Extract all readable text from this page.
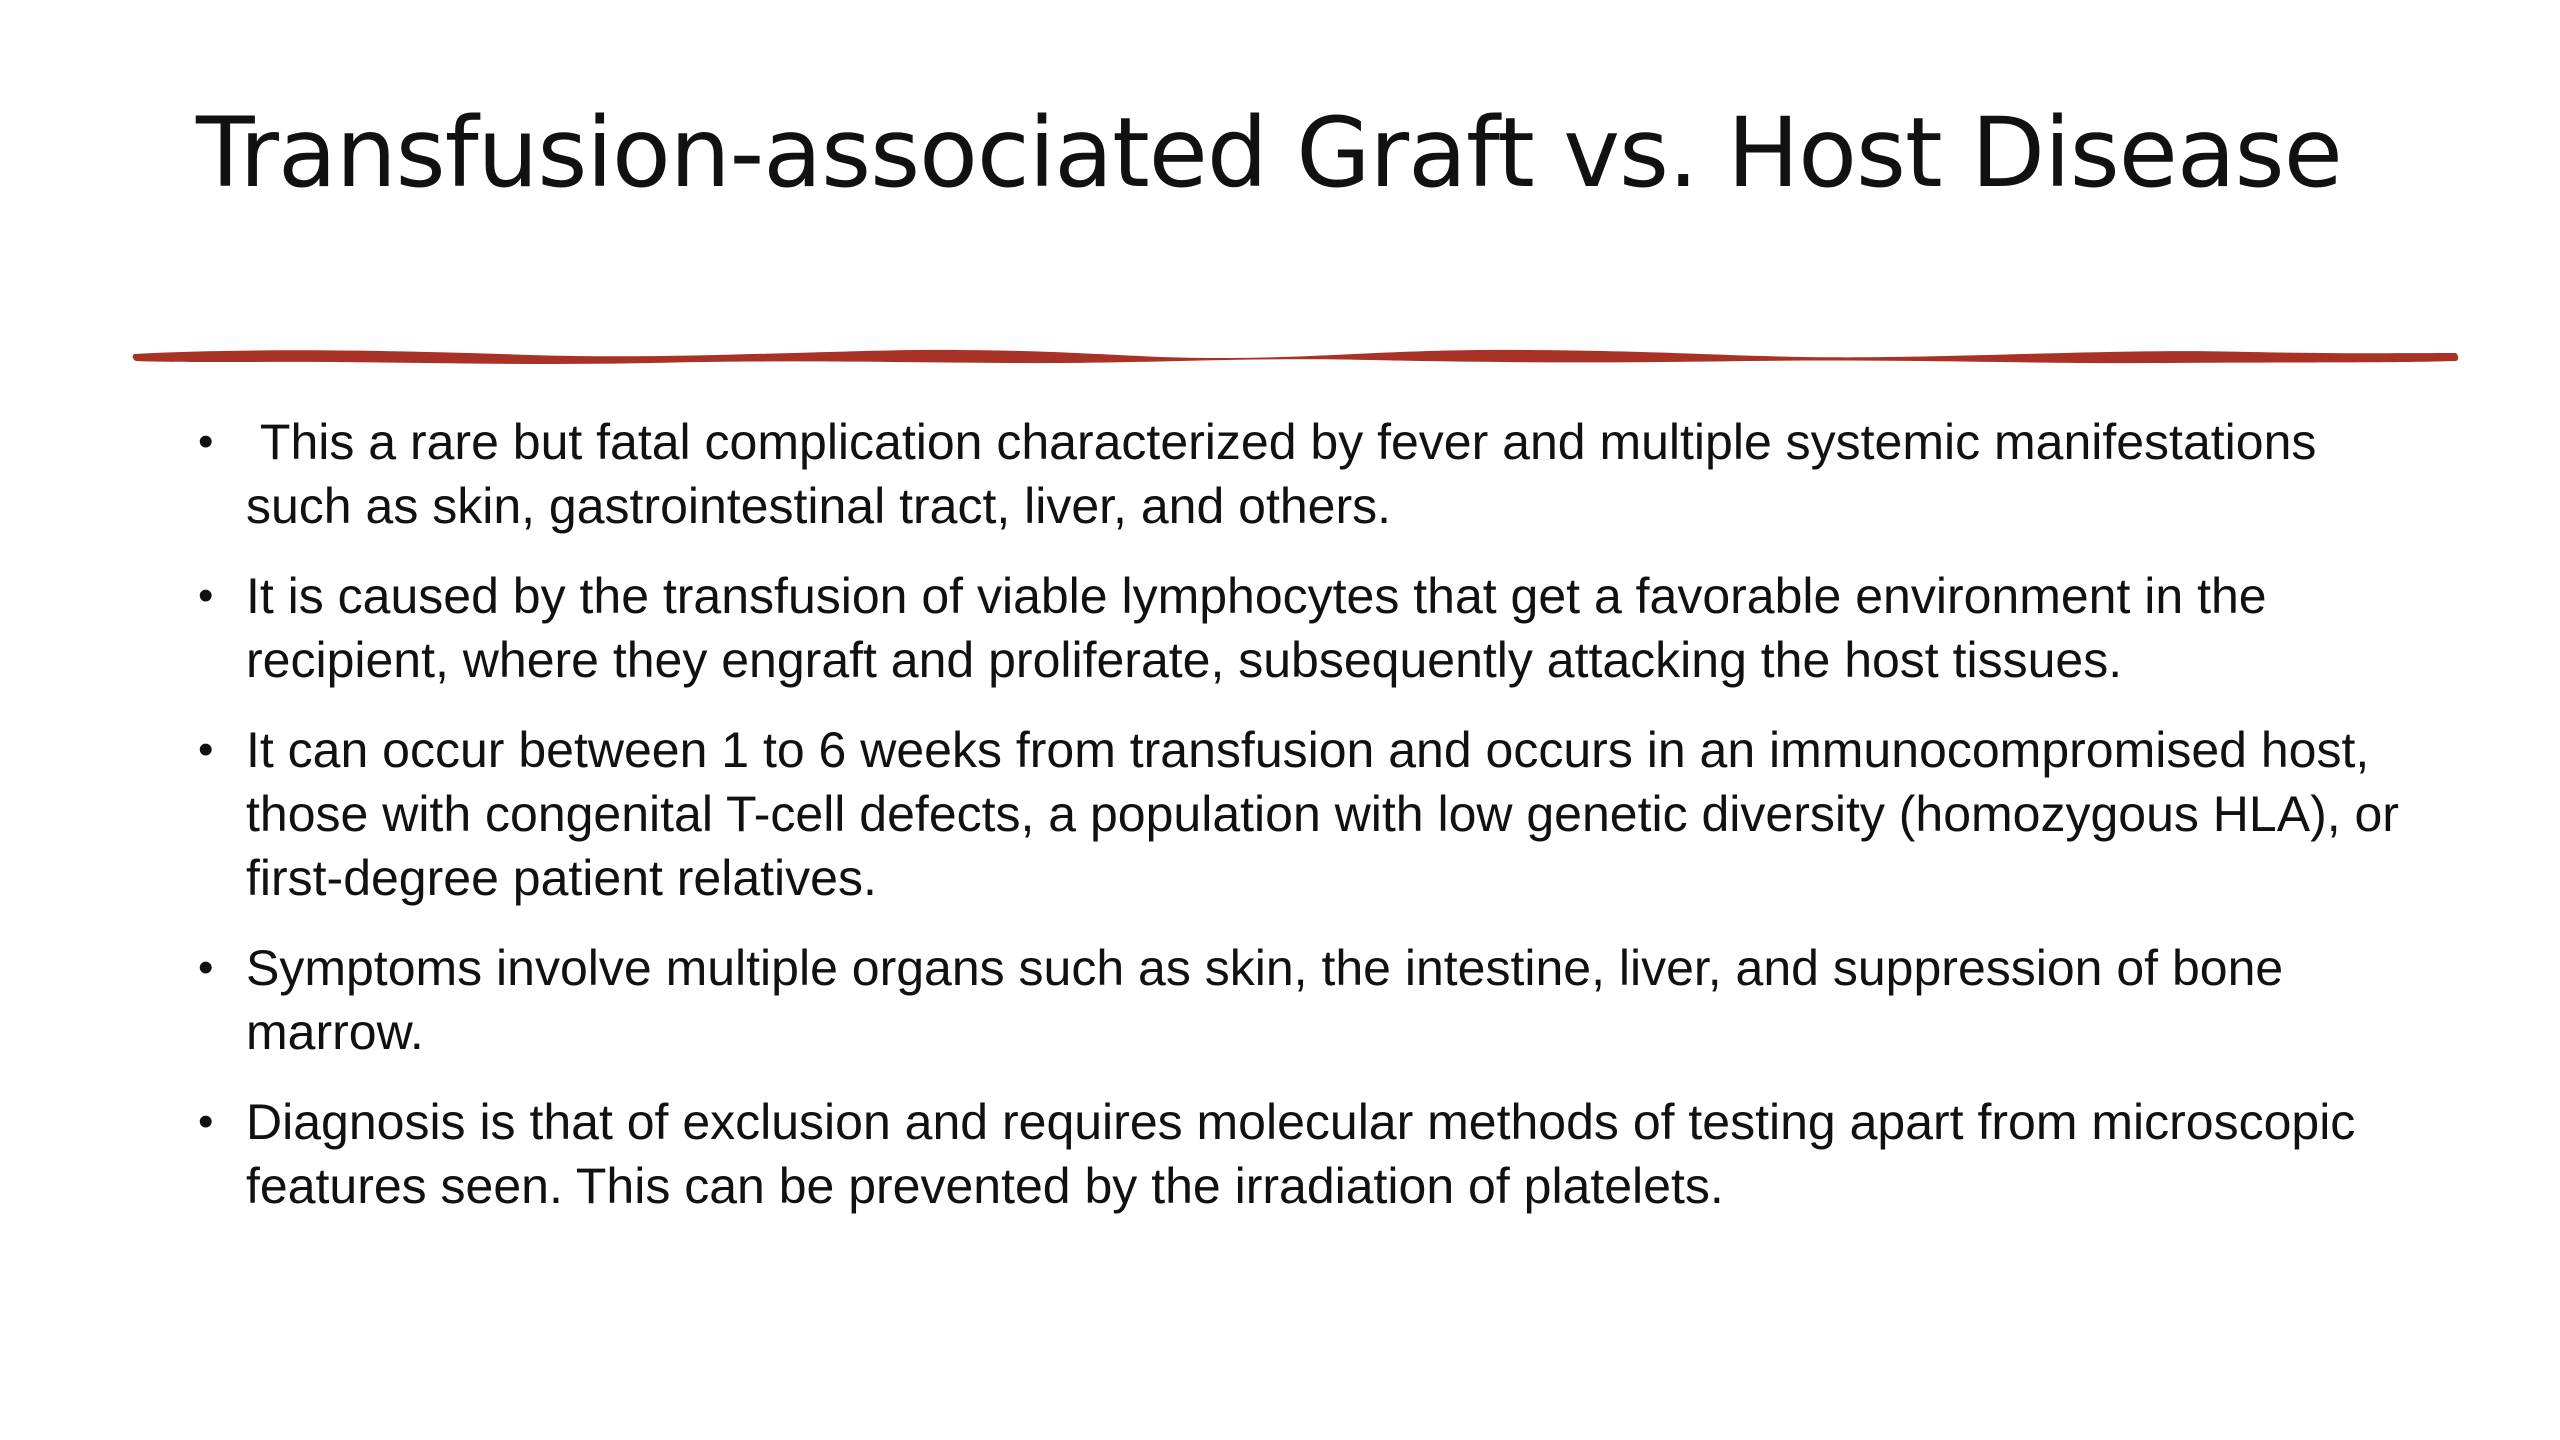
Transfusion-associated Graft vs. Host Disease
• This a rare but fatal complication characterized by fever and multiple systemic manifestations such as skin, gastrointestinal tract, liver, and others.
• It is caused by the transfusion of viable lymphocytes that get a favorable environment in the recipient, where they engraft and proliferate, subsequently attacking the host tissues.
• It can occur between 1 to 6 weeks from transfusion and occurs in an immunocompromised host, those with congenital T-cell defects, a population with low genetic diversity (homozygous HLA), or first-degree patient relatives.
• Symptoms involve multiple organs such as skin, the intestine, liver, and suppression of bone marrow.
• Diagnosis is that of exclusion and requires molecular methods of testing apart from microscopic features seen. This can be prevented by the irradiation of platelets.
